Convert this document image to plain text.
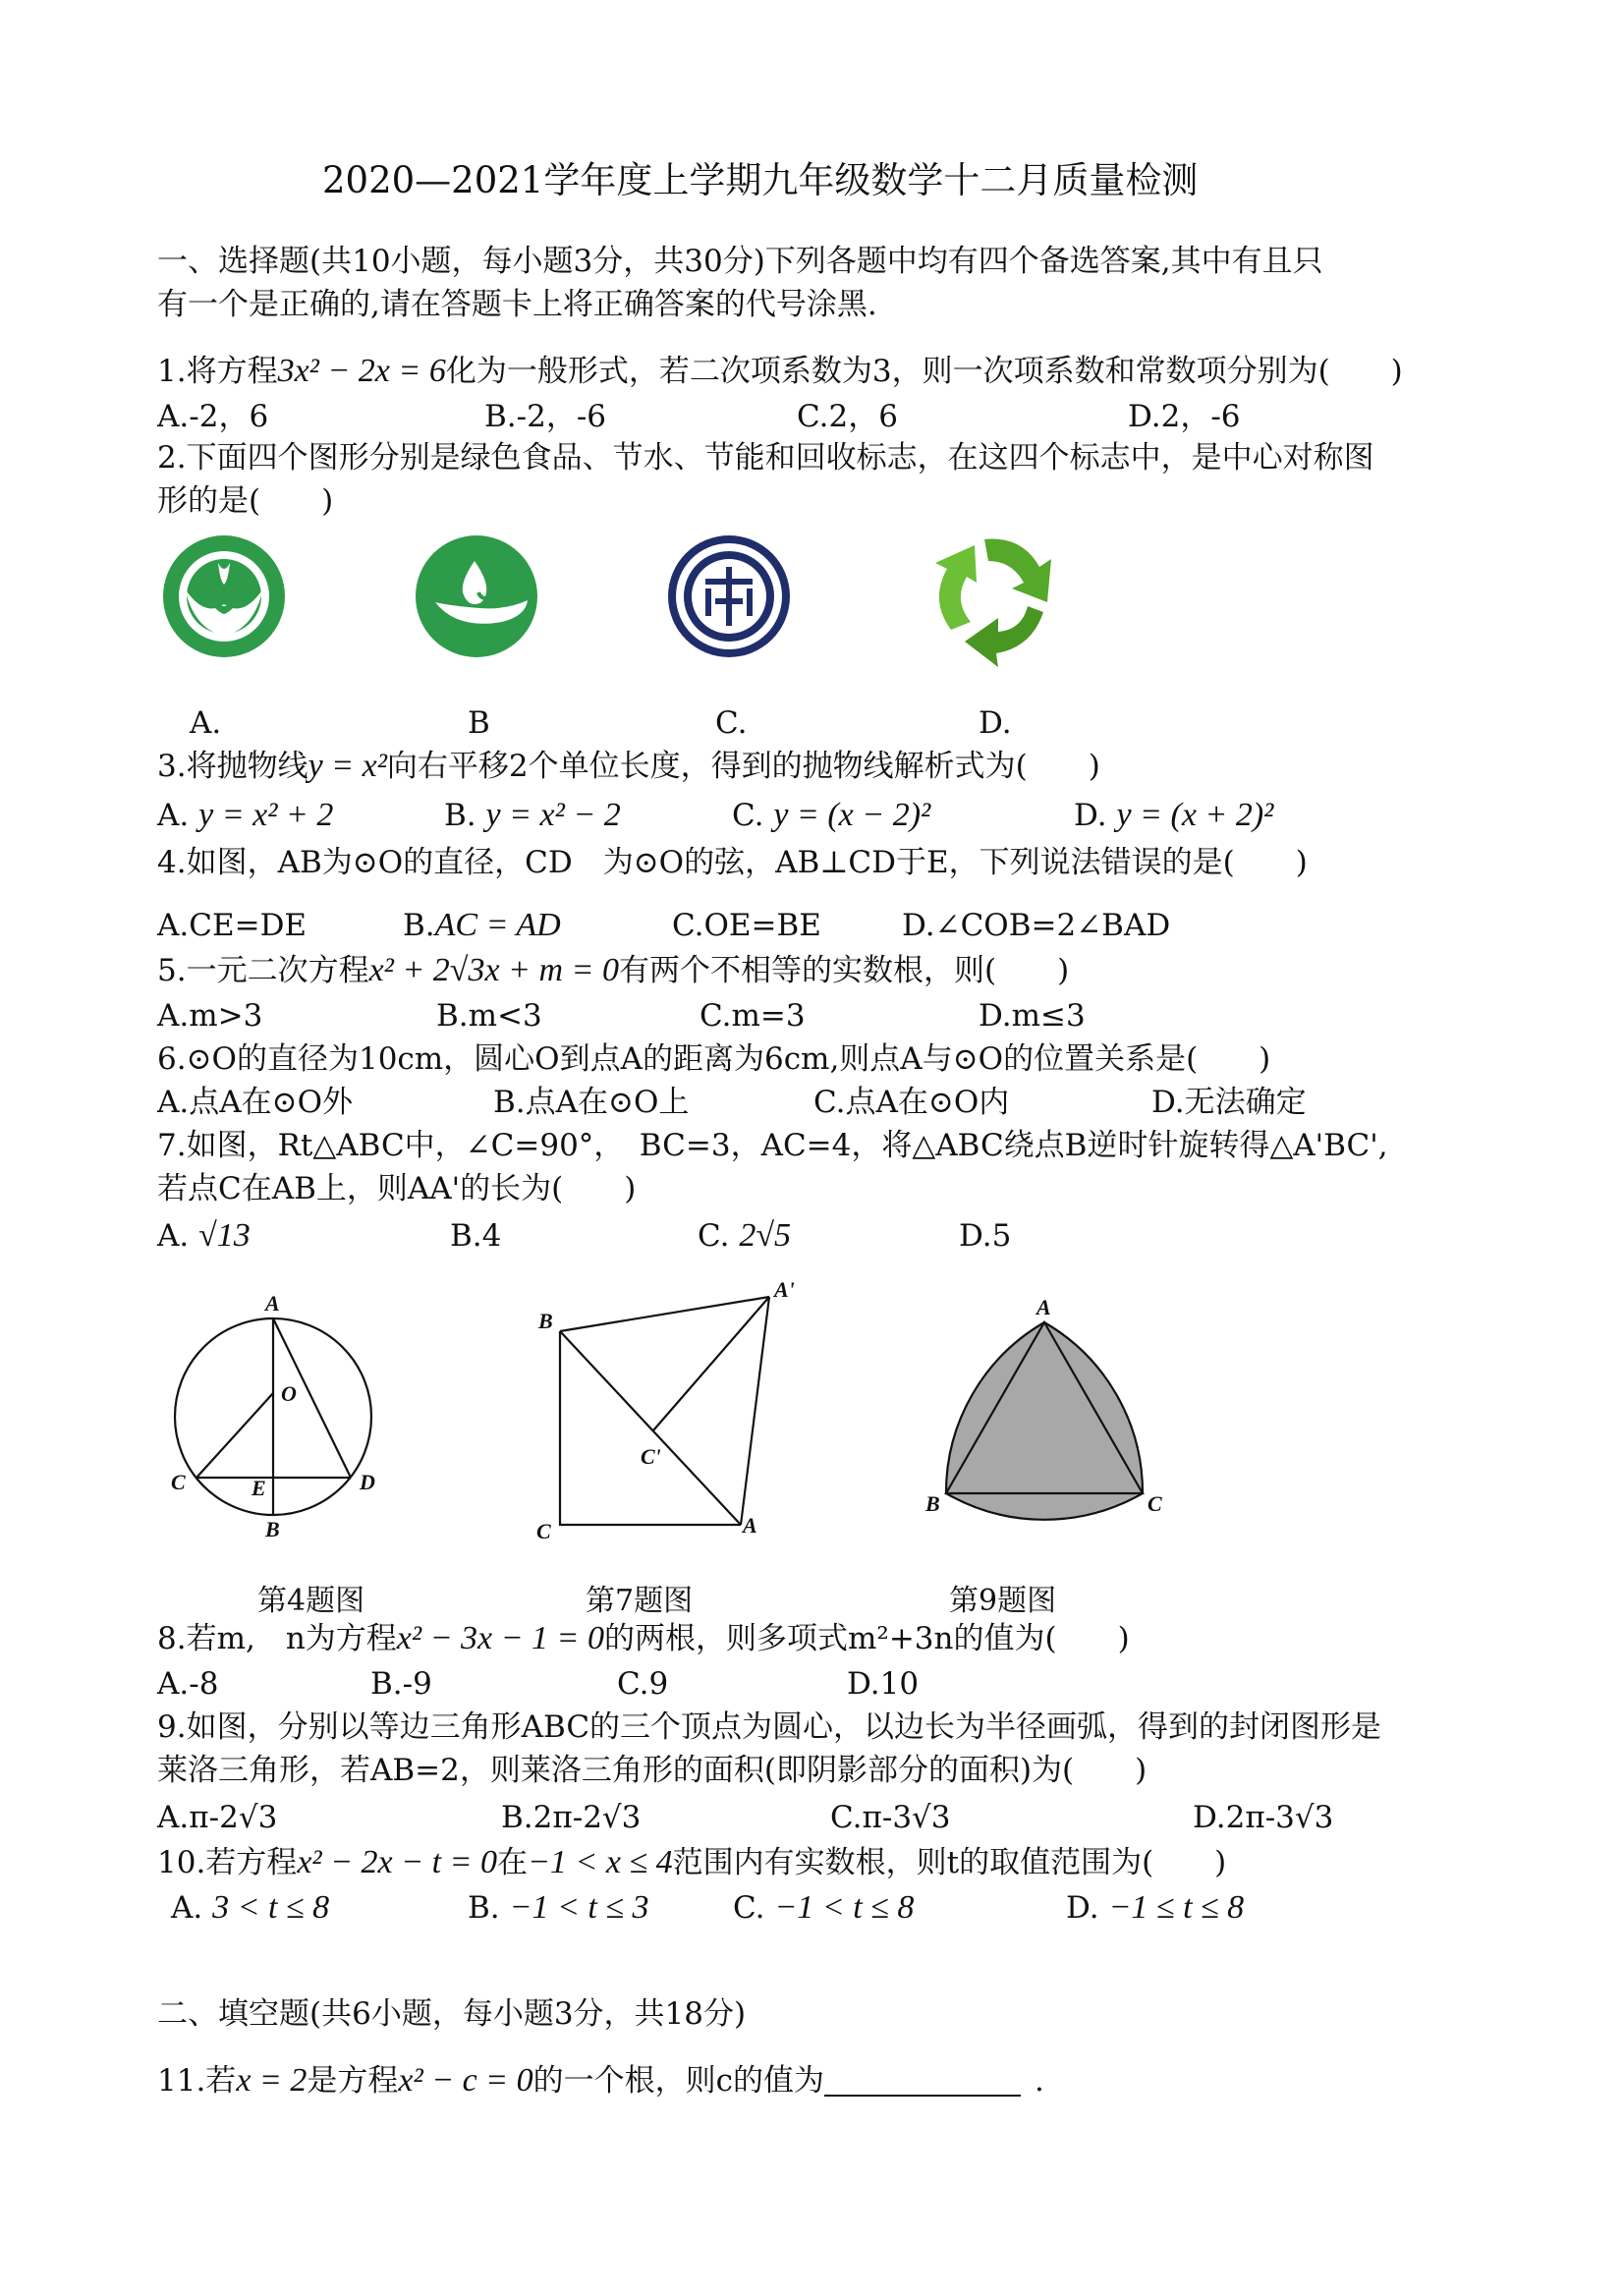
2020—2021学年度上学期九年级数学十二月质量检测
一、选择题(共10小题，每小题3分，共30分)下列各题中均有四个备选答案,其中有且只
有一个是正确的,请在答题卡上将正确答案的代号涂黑.
1.将方程3x² − 2x = 6化为一般形式，若二次项系数为3，则一次项系数和常数项分别为(　　)
A.-2，6	B.-2，-6	C.2，6	D.2，-6
2.下面四个图形分别是绿色食品、节水、节能和回收标志，在这四个标志中，是中心对称图
形的是(　　)
A.	B	C.	D.
3.将抛物线y = x²向右平移2个单位长度，得到的抛物线解析式为(　　)
A. y = x² + 2	B. y = x² − 2	C. y = (x − 2)²	D. y = (x + 2)²
4.如图，AB为⊙O的直径，CD　为⊙O的弦，AB⊥CD于E，下列说法错误的是(　　)
A.CE=DE	B.AC = AD	C.OE=BE	D.∠COB=2∠BAD
5.一元二次方程x² + 2√3x + m = 0有两个不相等的实数根，则(　　)
A.m>3	B.m<3	C.m=3	D.m≤3
6.⊙O的直径为10cm，圆心O到点A的距离为6cm,则点A与⊙O的位置关系是(　　)
A.点A在⊙O外	B.点A在⊙O上	C.点A在⊙O内	D.无法确定
7.如图，Rt△ABC中，∠C=90°，　BC=3，AC=4，将△ABC绕点B逆时针旋转得△A'BC',
若点C在AB上，则AA'的长为(　　)
A. √13	B.4	C. 2√5	D.5
A
O
C	E	D
B
B
A'
C'
C	A
A
B	C
第4题图	第7题图	第9题图
8.若m,　n为方程x² − 3x − 1 = 0的两根，则多项式m²+3n的值为(　　)
A.-8	B.-9	C.9	D.10
9.如图，分别以等边三角形ABC的三个顶点为圆心，以边长为半径画弧，得到的封闭图形是
莱洛三角形，若AB=2，则莱洛三角形的面积(即阴影部分的面积)为(　　)
A.π-2√3	B.2π-2√3	C.π-3√3	D.2π-3√3
10.若方程x² − 2x − t = 0在−1 < x ≤ 4范围内有实数根，则t的取值范围为(　　)
A. 3 < t ≤ 8	B. −1 < t ≤ 3	C. −1 < t ≤ 8	D. −1 ≤ t ≤ 8
二、填空题(共6小题，每小题3分，共18分)
11.若x = 2是方程x² − c = 0的一个根，则c的值为	.
